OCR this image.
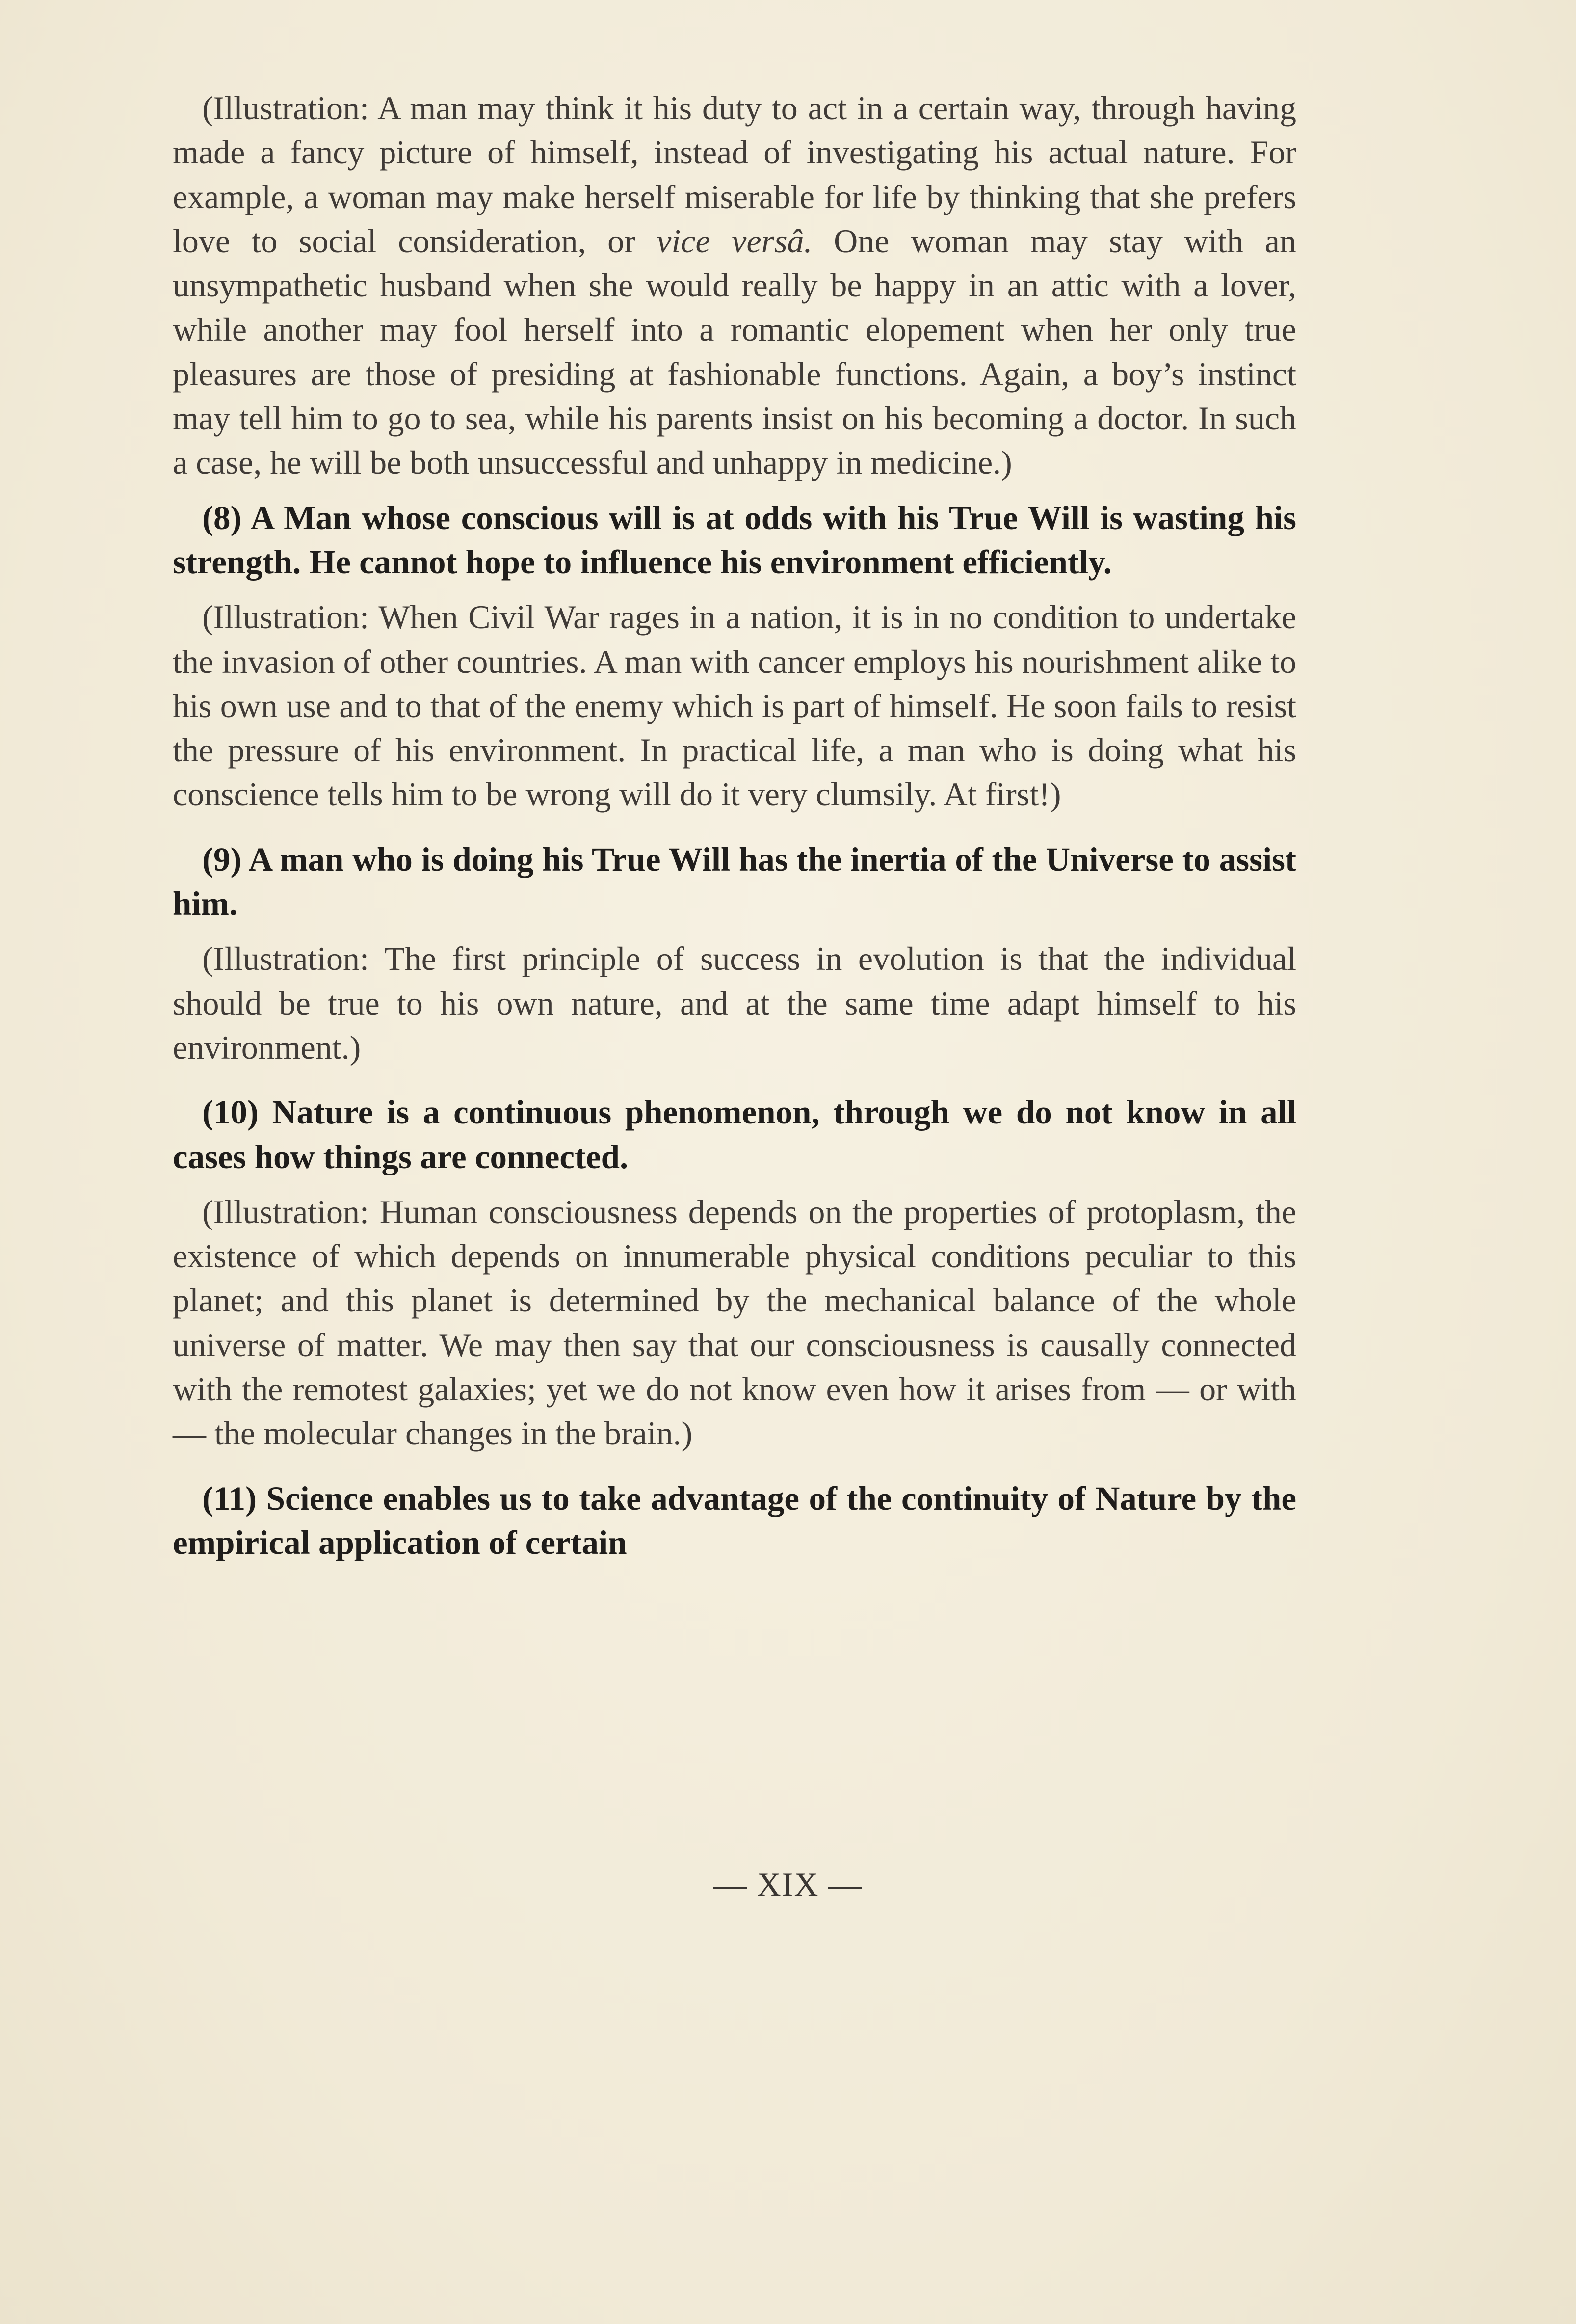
(Illustration: A man may think it his duty to act in a certain way, through having made a fancy picture of himself, instead of investigating his actual nature. For example, a woman may make herself miserable for life by thinking that she prefers love to social consideration, or vice versâ. One woman may stay with an unsympathetic husband when she would really be happy in an attic with a lover, while another may fool herself into a romantic elopement when her only true pleasures are those of presiding at fashionable functions. Again, a boy’s instinct may tell him to go to sea, while his parents insist on his becoming a doctor. In such a case, he will be both unsuccessful and unhappy in medicine.)

(8) A Man whose conscious will is at odds with his True Will is wasting his strength. He cannot hope to influence his environment efficiently.

(Illustration: When Civil War rages in a nation, it is in no condition to undertake the invasion of other countries. A man with cancer employs his nourishment alike to his own use and to that of the enemy which is part of himself. He soon fails to resist the pressure of his environment. In practical life, a man who is doing what his conscience tells him to be wrong will do it very clumsily. At first!)

(9) A man who is doing his True Will has the inertia of the Universe to assist him.

(Illustration: The first principle of success in evolution is that the individual should be true to his own nature, and at the same time adapt himself to his environment.)

(10) Nature is a continuous phenomenon, through we do not know in all cases how things are connected.

(Illustration: Human consciousness depends on the properties of protoplasm, the existence of which depends on innumerable physical conditions peculiar to this planet; and this planet is determined by the mechanical balance of the whole universe of matter. We may then say that our consciousness is causally connected with the remotest galaxies; yet we do not know even how it arises from — or with — the molecular changes in the brain.)

(11) Science enables us to take advantage of the continuity of Nature by the empirical application of certain

— XIX —
